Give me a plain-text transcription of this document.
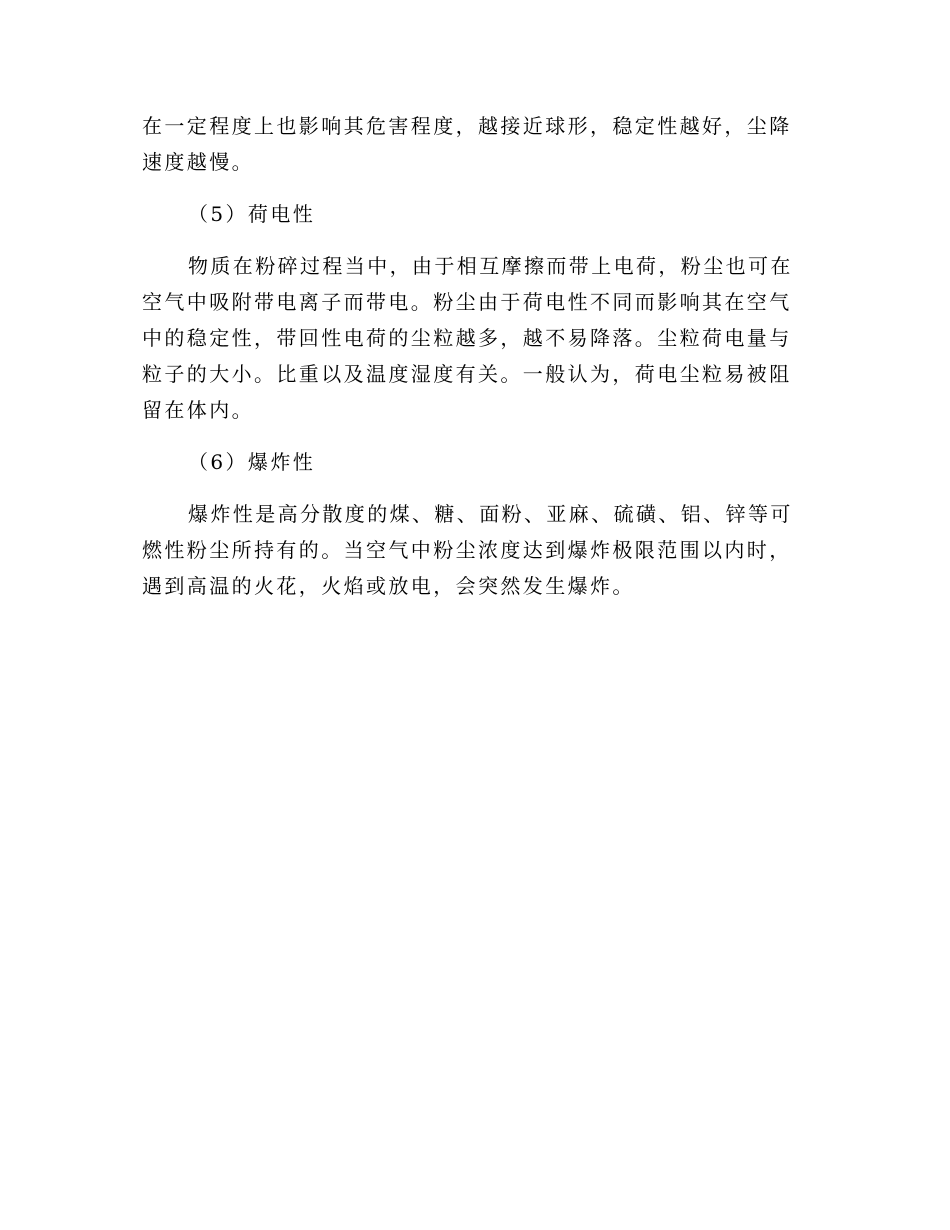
在一定程度上也影响其危害程度，越接近球形，稳定性越好，尘降速度越慢。

（5）荷电性

物质在粉碎过程当中，由于相互摩擦而带上电荷，粉尘也可在空气中吸附带电离子而带电。粉尘由于荷电性不同而影响其在空气中的稳定性，带回性电荷的尘粒越多，越不易降落。尘粒荷电量与粒子的大小。比重以及温度湿度有关。一般认为，荷电尘粒易被阻留在体内。

（6）爆炸性

爆炸性是高分散度的煤、糖、面粉、亚麻、硫磺、铝、锌等可燃性粉尘所持有的。当空气中粉尘浓度达到爆炸极限范围以内时，遇到高温的火花，火焰或放电，会突然发生爆炸。
